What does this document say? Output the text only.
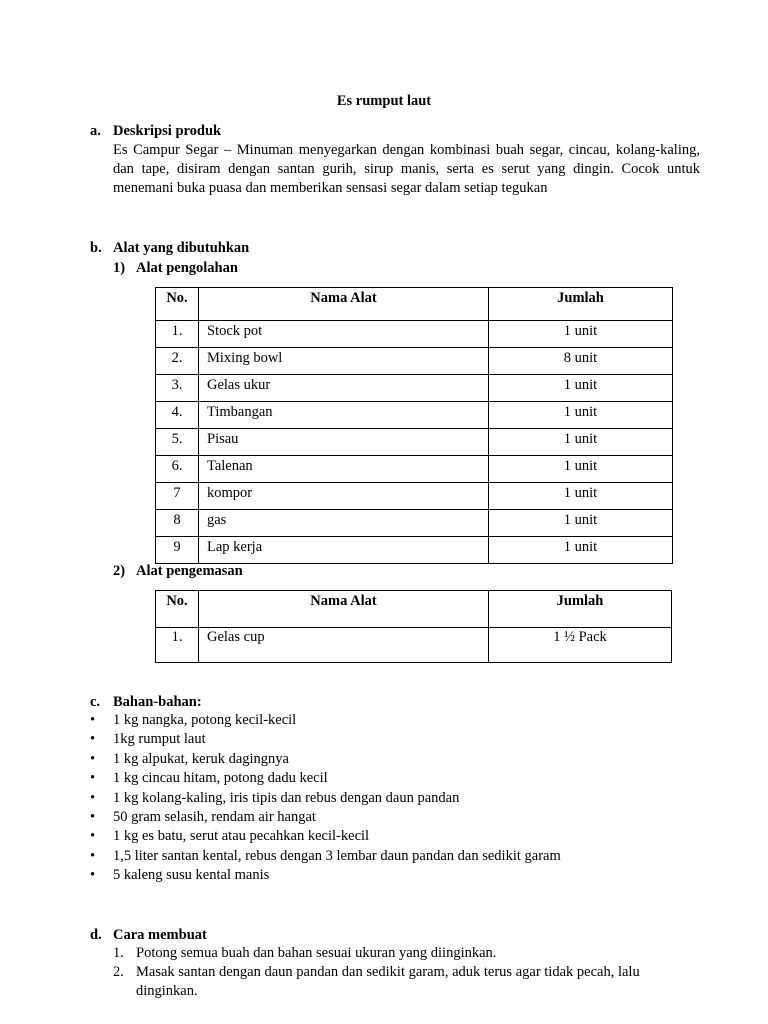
Es rumput laut
a. Deskripsi produk
Es Campur Segar – Minuman menyegarkan dengan kombinasi buah segar, cincau, kolang-kaling, dan tape, disiram dengan santan gurih, sirup manis, serta es serut yang dingin. Cocok untuk menemani buka puasa dan memberikan sensasi segar dalam setiap tegukan
b. Alat yang dibutuhkan
1) Alat pengolahan
No.	Nama Alat	Jumlah
1.	Stock pot	1 unit
2.	Mixing bowl	8 unit
3.	Gelas ukur	1 unit
4.	Timbangan	1 unit
5.	Pisau	1 unit
6.	Talenan	1 unit
7	kompor	1 unit
8	gas	1 unit
9	Lap kerja	1 unit
2) Alat pengemasan
No.	Nama Alat	Jumlah
1.	Gelas cup	1 ½ Pack
c. Bahan-bahan:
•	1 kg nangka, potong kecil-kecil
•	1kg rumput laut
•	1 kg alpukat, keruk dagingnya
•	1 kg cincau hitam, potong dadu kecil
•	1 kg kolang-kaling, iris tipis dan rebus dengan daun pandan
•	50 gram selasih, rendam air hangat
•	1 kg es batu, serut atau pecahkan kecil-kecil
•	1,5 liter santan kental, rebus dengan 3 lembar daun pandan dan sedikit garam
•	5 kaleng susu kental manis
d. Cara membuat
1. Potong semua buah dan bahan sesuai ukuran yang diinginkan.
2. Masak santan dengan daun pandan dan sedikit garam, aduk terus agar tidak pecah, lalu dinginkan.
